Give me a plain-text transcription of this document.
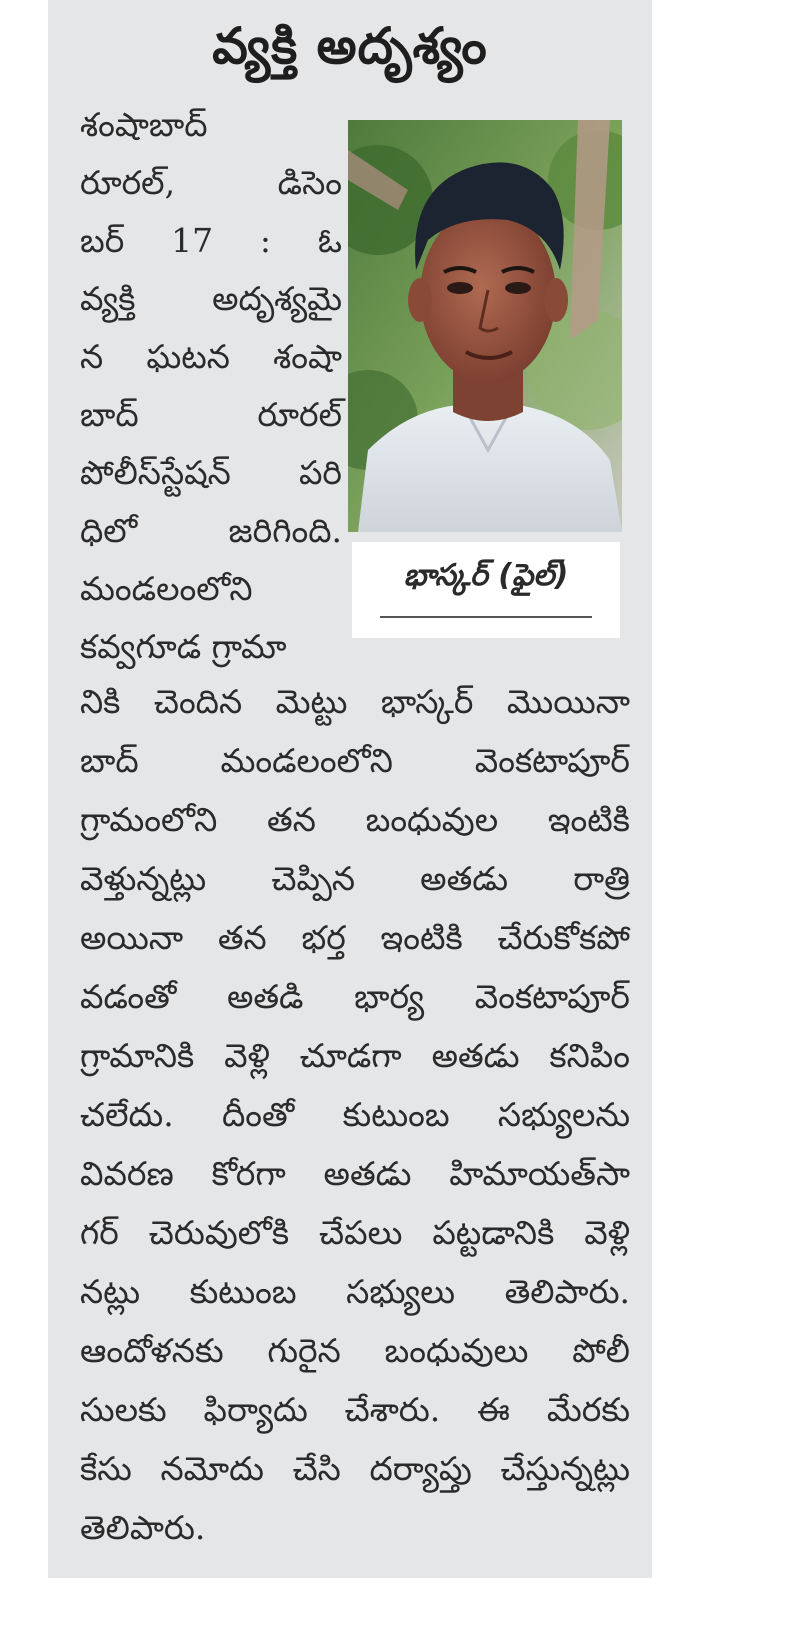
వ్యక్తి అదృశ్యం
శంషాబాద్
రూరల్, డిసెం
బర్ 17 : ఓ
వ్యక్తి అదృశ్యమై
న ఘటన శంషా
బాద్ రూరల్
పోలీస్‌స్టేషన్ పరి
ధిలో జరిగింది.
మండలంలోని
కవ్వగూడ గ్రామా
భాస్కర్ (ఫైల్)
నికి చెందిన మెట్టు భాస్కర్ మొయినా
బాద్ మండలంలోని వెంకటాపూర్
గ్రామంలోని తన బంధువుల ఇంటికి
వెళ్తున్నట్లు చెప్పిన అతడు రాత్రి
అయినా తన భర్త ఇంటికి చేరుకోకపో
వడంతో అతడి భార్య వెంకటాపూర్
గ్రామానికి వెళ్లి చూడగా అతడు కనిపిం
చలేదు. దీంతో కుటుంబ సభ్యులను
వివరణ కోరగా అతడు హిమాయత్‌సా
గర్ చెరువులోకి చేపలు పట్టడానికి వెళ్లి
నట్లు కుటుంబ సభ్యులు తెలిపారు.
ఆందోళనకు గురైన బంధువులు పోలీ
సులకు ఫిర్యాదు చేశారు. ఈ మేరకు
కేసు నమోదు చేసి దర్యాప్తు చేస్తున్నట్లు
తెలిపారు.
